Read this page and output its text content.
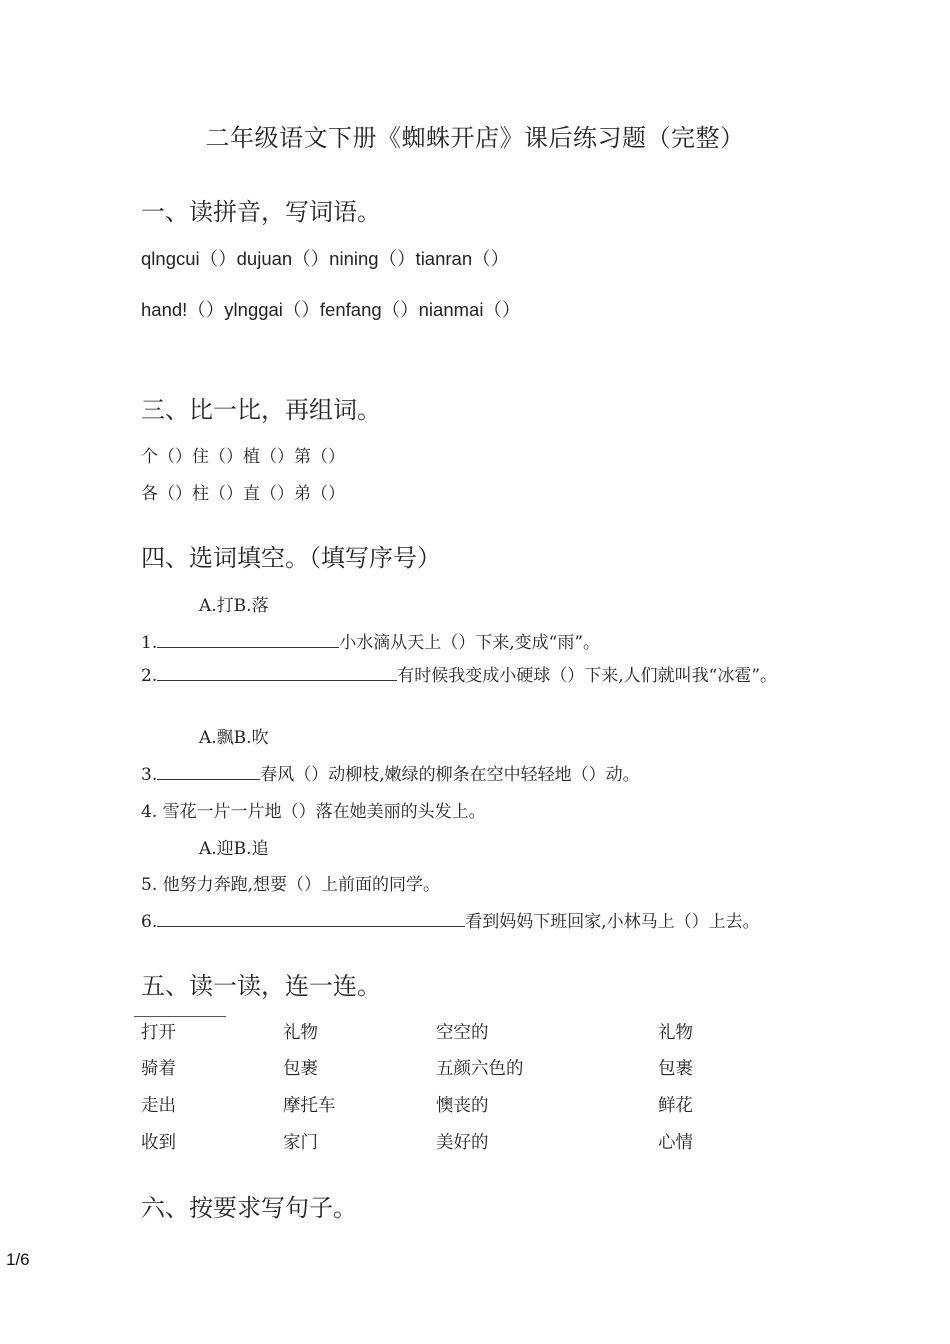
二年级语文下册《蜘蛛开店》课后练习题（完整）
一、读拼音，写词语。
qlngcui（）dujuan（）nining（）tianran（）
hand!（）ylnggai（）fenfang（）nianmai（）
三、比一比，再组词。
个（）住（）植（）第（）
各（）柱（）直（）弟（）
四、选词填空。（填写序号）
A.打B.落
1.	小水滴从天上（）下来,变成“雨”。
2.	有时候我变成小硬球（）下来,人们就叫我“冰雹”。
A.飘B.吹
3.	春风（）动柳枝,嫩绿的柳条在空中轻轻地（）动。
4. 雪花一片一片地（）落在她美丽的头发上。
A.迎B.追
5. 他努力奔跑,想要（）上前面的同学。
6.	看到妈妈下班回家,小林马上（）上去。
五、读一读，连一连。
打开	礼物	空空的	礼物
骑着	包裹	五颜六色的	包裹
走出	摩托车	懊丧的	鲜花
收到	家门	美好的	心情
六、按要求写句子。
1/6
